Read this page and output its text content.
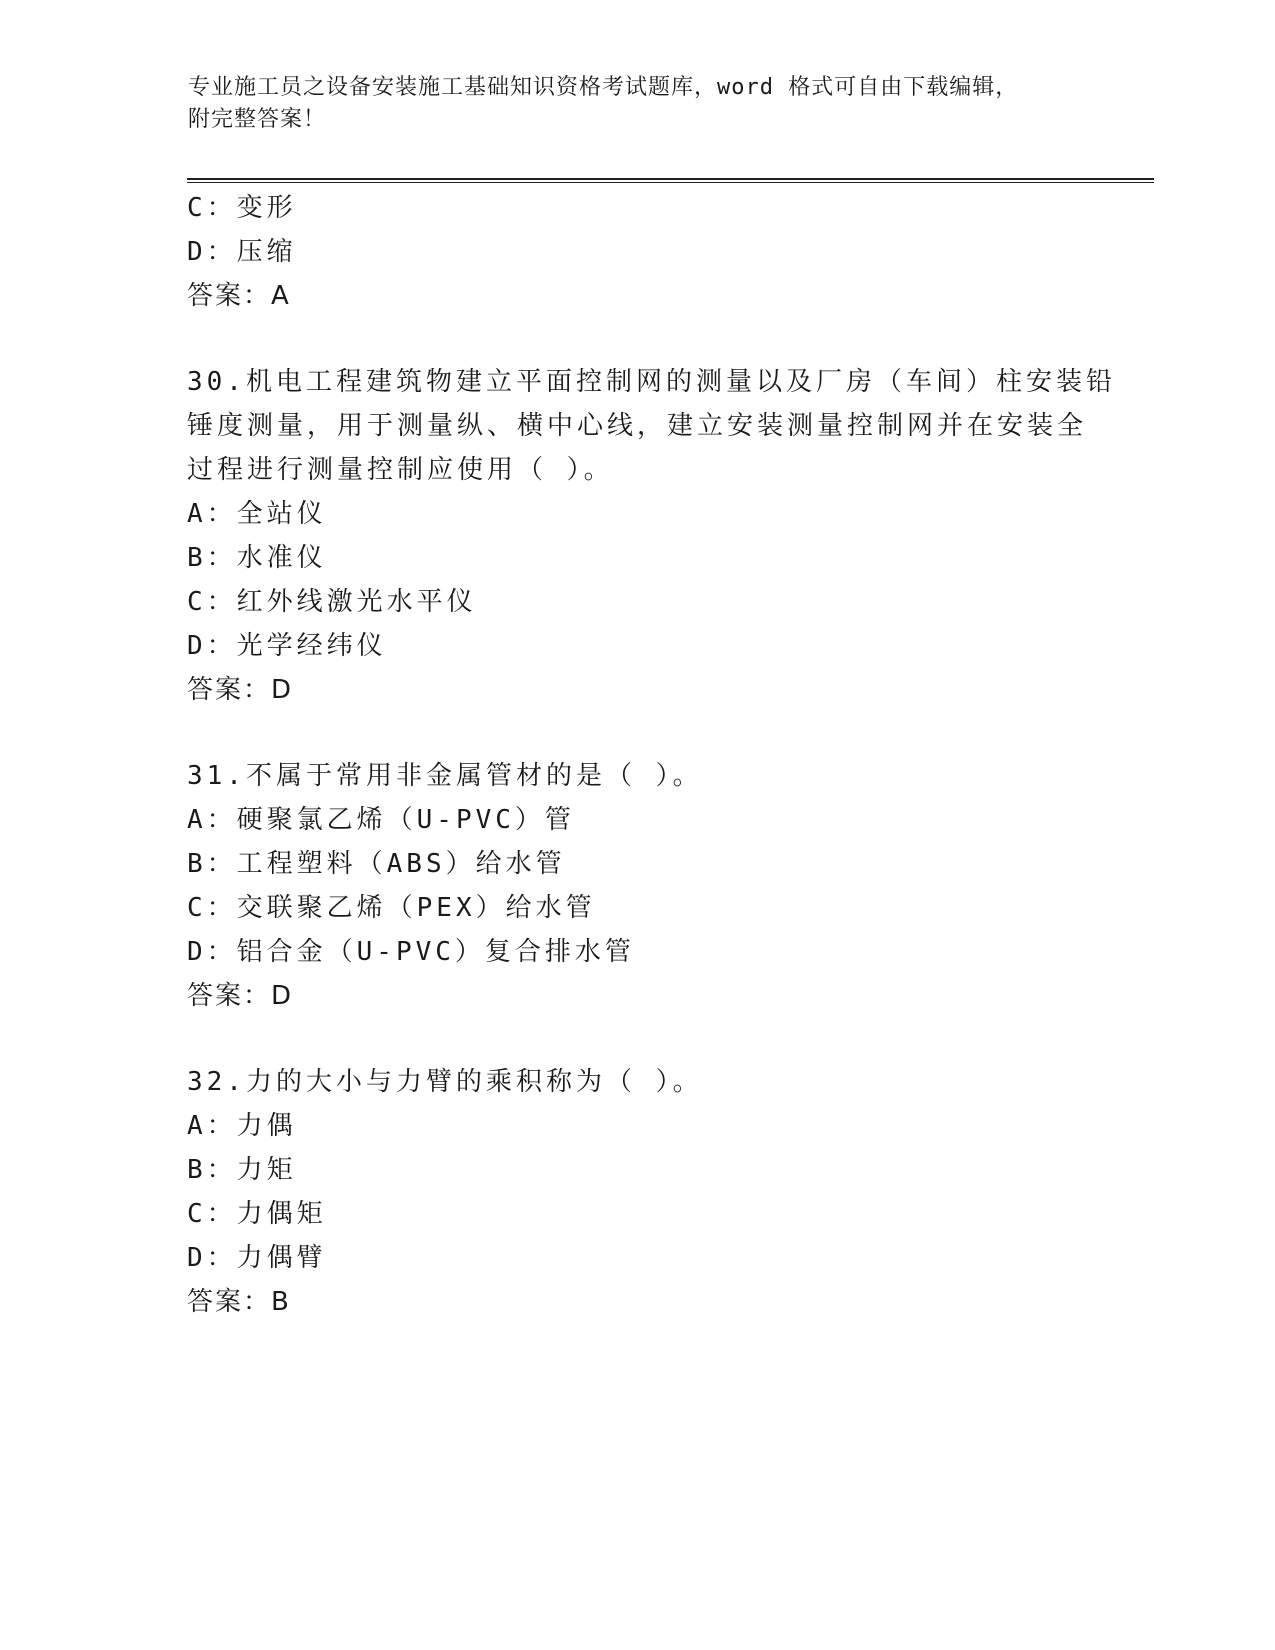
专业施工员之设备安装施工基础知识资格考试题库，word 格式可自由下载编辑，
附完整答案！
C：变形
D：压缩
答案：A
30.机电工程建筑物建立平面控制网的测量以及厂房（车间）柱安装铅
锤度测量，用于测量纵、横中心线，建立安装测量控制网并在安装全
过程进行测量控制应使用（ ）。
A：全站仪
B：水准仪
C：红外线激光水平仪
D：光学经纬仪
答案：D
31.不属于常用非金属管材的是（ ）。
A：硬聚氯乙烯（U-PVC）管
B：工程塑料（ABS）给水管
C：交联聚乙烯（PEX）给水管
D：铝合金（U-PVC）复合排水管
答案：D
32.力的大小与力臂的乘积称为（ ）。
A：力偶
B：力矩
C：力偶矩
D：力偶臂
答案：B
